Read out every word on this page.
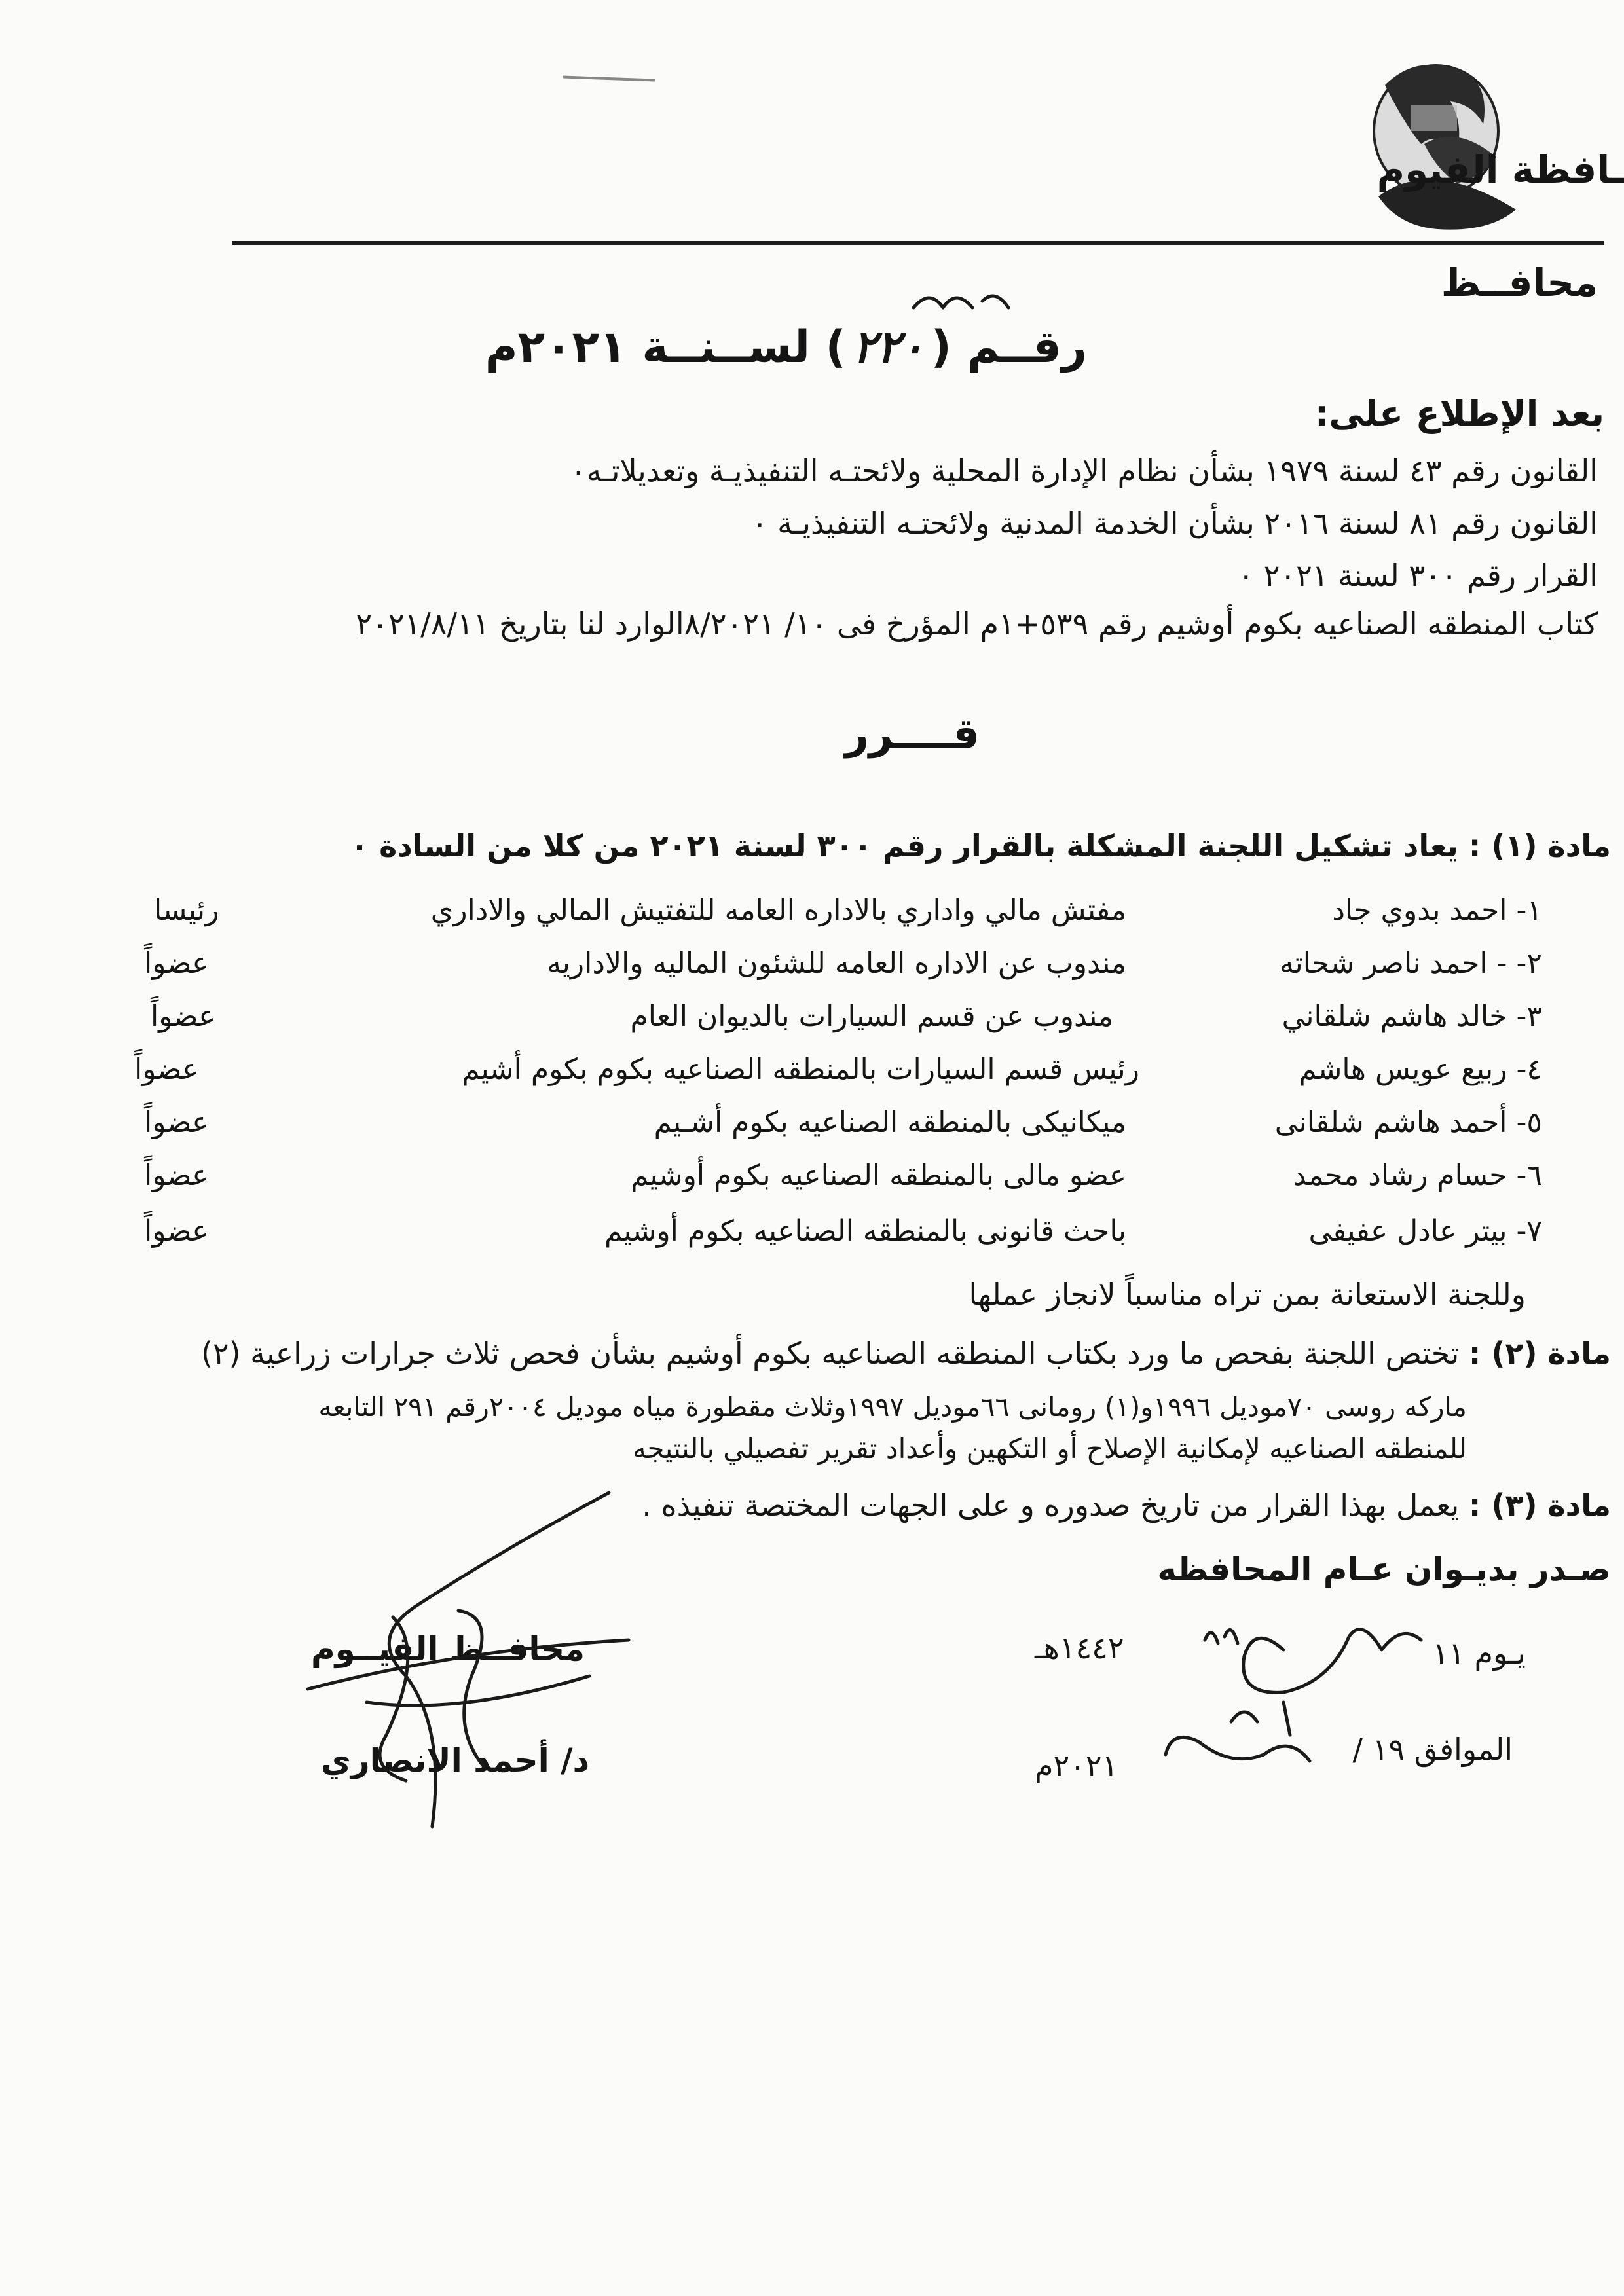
ـافظة الفيوم
محافــظ
رقــم (٢٢٠) لســنــة ٢٠٢١م
بعد الإطلاع على:
القانون رقم ٤٣ لسنة ١٩٧٩ بشأن نظام الإدارة المحلية ولائحتـه التنفيذيـة وتعديلاتـه٠
القانون رقم ٨١ لسنة ٢٠١٦ بشأن الخدمة المدنية ولائحتـه التنفيذيـة ٠
القرار رقم ٣٠٠ لسنة ٢٠٢١ ٠
كتاب المنطقه الصناعيه بكوم أوشيم رقم ٥٣٩+١م المؤرخ فى ١٠/ ٨/٢٠٢١الوارد لنا بتاريخ ٢٠٢١/٨/١١
قــــرر
مادة (١) : يعاد تشكيل اللجنة المشكلة بالقرار رقم ٣٠٠ لسنة ٢٠٢١ من كلا من السادة ٠
١- احمد بدوي جاد
مفتش مالي واداري بالاداره العامه للتفتيش المالي والاداري
رئيسا
٢- - احمد ناصر شحاته
مندوب عن الاداره العامه للشئون الماليه والاداريه
عضواً
٣- خالد هاشم شلقاني
مندوب عن قسم السيارات بالديوان العام
عضواً
٤- ربيع عويس هاشم
رئيس قسم السيارات بالمنطقه الصناعيه بكوم بكوم أشيم
عضواً
٥- أحمد هاشم شلقانى
ميكانيكى بالمنطقه الصناعيه بكوم أشـيم
عضواً
٦- حسام رشاد محمد
عضو مالى بالمنطقه الصناعيه بكوم أوشيم
عضواً
٧- بيتر عادل عفيفى
باحث قانونى بالمنطقه الصناعيه بكوم أوشيم
عضواً
وللجنة الاستعانة بمن تراه مناسباً لانجاز عملها
مادة (٢) : تختص اللجنة بفحص ما ورد بكتاب المنطقه الصناعيه بكوم أوشيم بشأن فحص ثلاث جرارات زراعية (٢)
ماركه روسى ٧٠موديل ١٩٩٦و(١) رومانى ٦٦موديل ١٩٩٧وثلاث مقطورة مياه موديل ٢٠٠٤رقم ٢٩١ التابعه
للمنطقه الصناعيه لإمكانية الإصلاح أو التكهين وأعداد تقرير تفصيلي بالنتيجه
مادة (٣) : يعمل بهذا القرار من تاريخ صدوره و على الجهات المختصة تنفيذه .
صـدر بديـوان عـام المحافظه
محافــظ الفيــوم
د/ أحمد الانصاري
يـوم ١١
١٤٤٢هـ
الموافق ١٩ /
٢٠٢١م
